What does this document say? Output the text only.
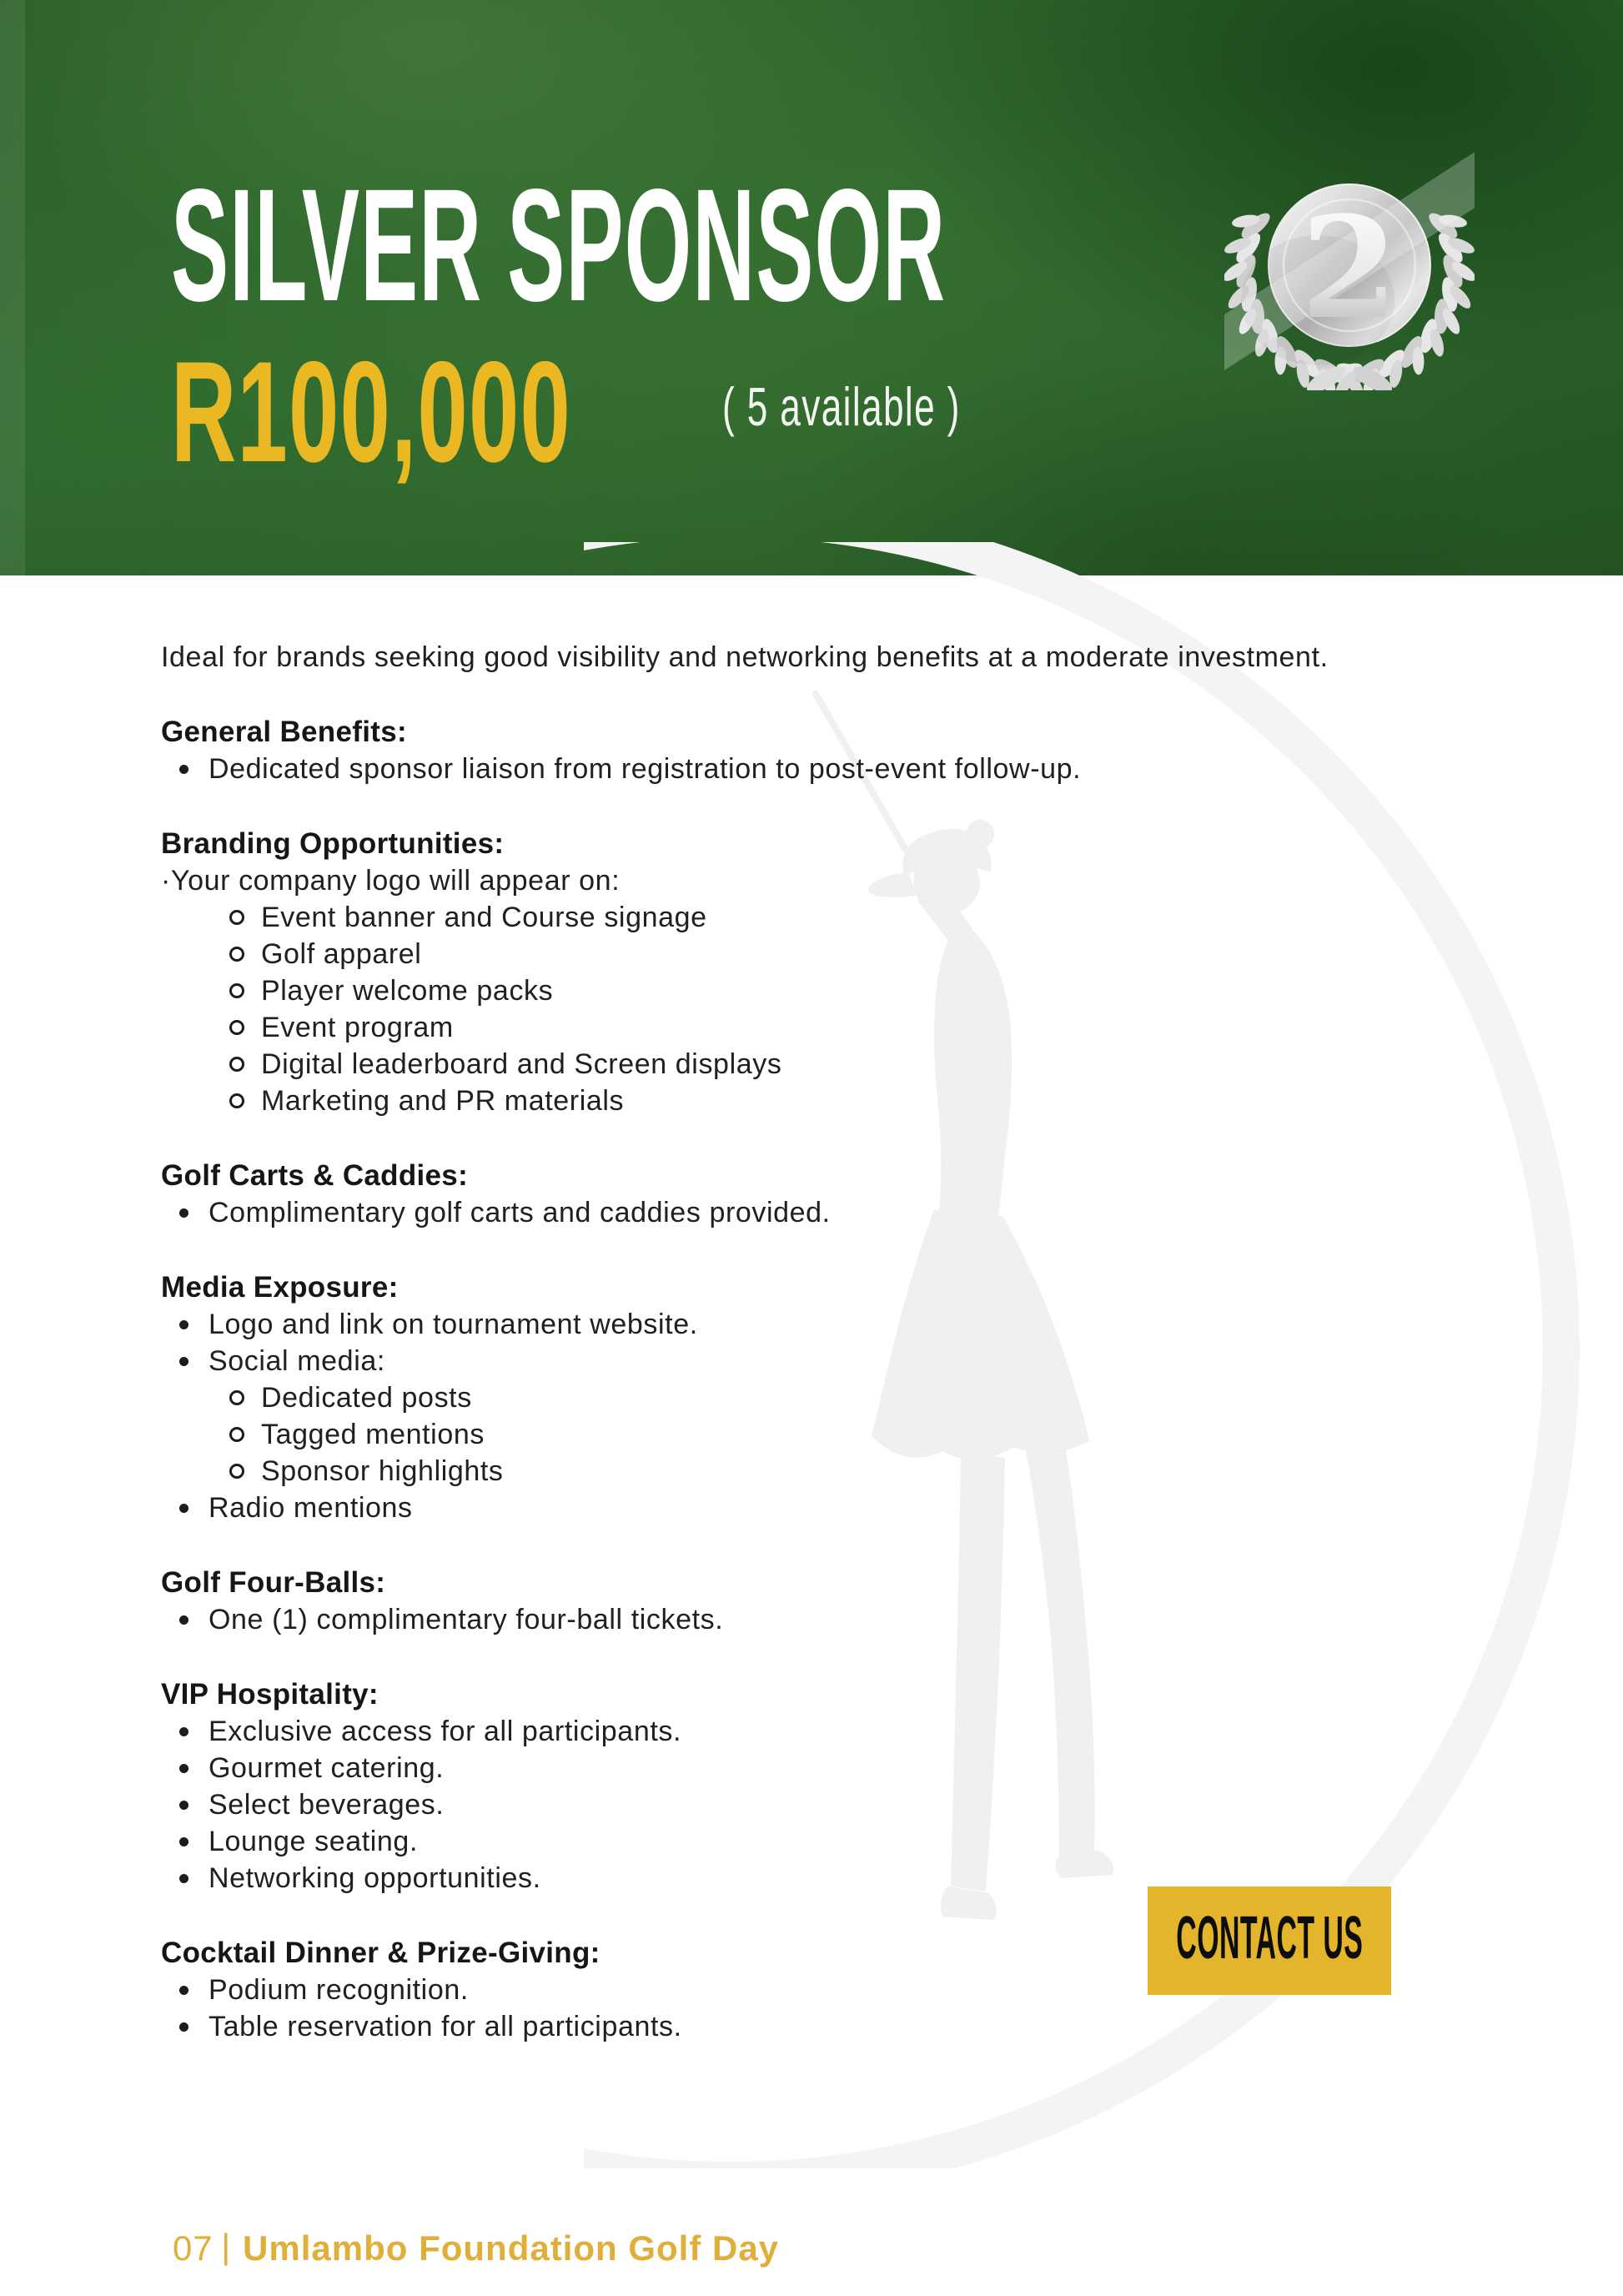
SILVER SPONSOR
R100,000	( 5 available )
2

Ideal for brands seeking good visibility and networking benefits at a moderate investment.

General Benefits:
Dedicated sponsor liaison from registration to post-event follow-up.
Branding Opportunities:
·Your company logo will appear on:
Event banner and Course signage
Golf apparel
Player welcome packs
Event program
Digital leaderboard and Screen displays
Marketing and PR materials
Golf Carts & Caddies:
Complimentary golf carts and caddies provided.
Media Exposure:
Logo and link on tournament website.
Social media:
Dedicated posts
Tagged mentions
Sponsor highlights
Radio mentions
Golf Four-Balls:
One (1) complimentary four-ball tickets.
VIP Hospitality:
Exclusive access for all participants.
Gourmet catering.
Select beverages.
Lounge seating.
Networking opportunities.
Cocktail Dinner & Prize-Giving:
Podium recognition.
Table reservation for all participants.
CONTACT US
07 | Umlambo Foundation Golf Day
